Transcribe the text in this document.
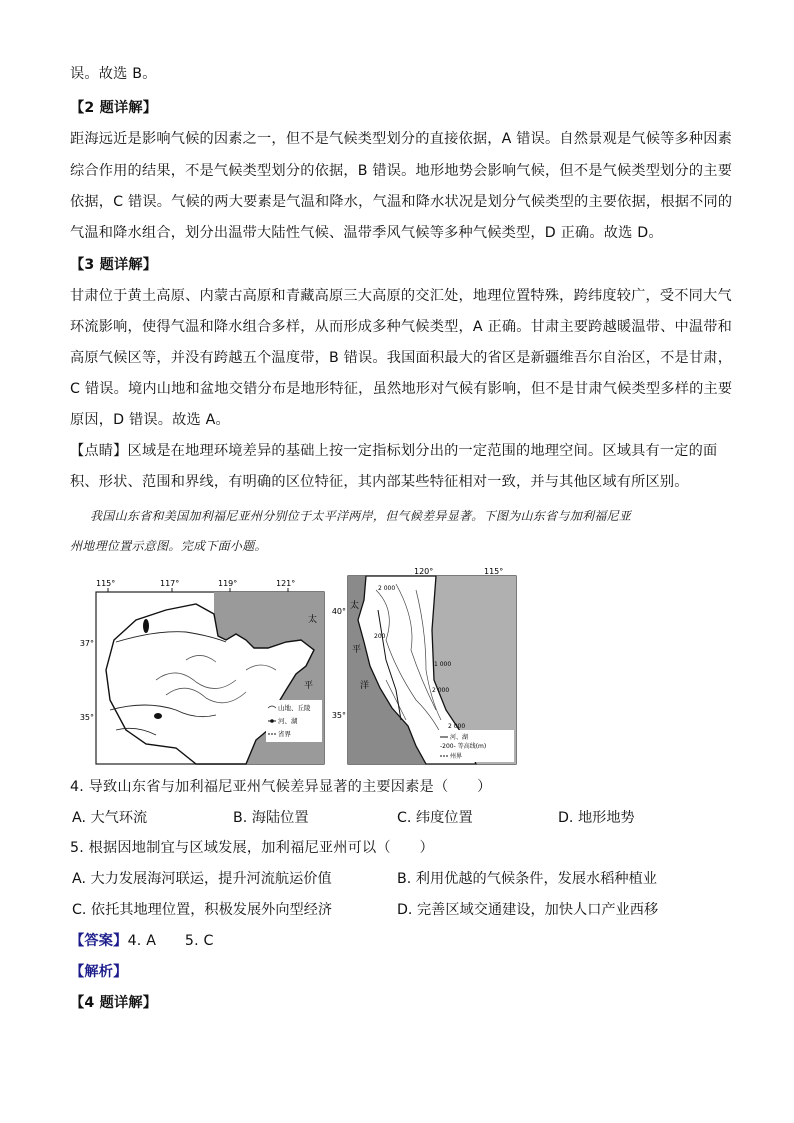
误。故选 B。
【2 题详解】
距海远近是影响气候的因素之一，但不是气候类型划分的直接依据，A 错误。自然景观是气候等多种因素
综合作用的结果，不是气候类型划分的依据，B 错误。地形地势会影响气候，但不是气候类型划分的主要
依据，C 错误。气候的两大要素是气温和降水，气温和降水状况是划分气候类型的主要依据，根据不同的
气温和降水组合，划分出温带大陆性气候、温带季风气候等多种气候类型，D 正确。故选 D。
【3 题详解】
甘肃位于黄土高原、内蒙古高原和青藏高原三大高原的交汇处，地理位置特殊，跨纬度较广，受不同大气
环流影响，使得气温和降水组合多样，从而形成多种气候类型，A 正确。甘肃主要跨越暖温带、中温带和
高原气候区等，并没有跨越五个温度带，B 错误。我国面积最大的省区是新疆维吾尔自治区，不是甘肃，
C 错误。境内山地和盆地交错分布是地形特征，虽然地形对气候有影响，但不是甘肃气候类型多样的主要
原因，D 错误。故选 A。
【点睛】区域是在地理环境差异的基础上按一定指标划分出的一定范围的地理空间。区域具有一定的面
积、形状、范围和界线，有明确的区位特征，其内部某些特征相对一致，并与其他区域有所区别。
我国山东省和美国加利福尼亚州分别位于太平洋两岸，但气候差异显著。下图为山东省与加利福尼亚
州地理位置示意图。完成下面小题。
115°	117°	119°	121°
37°
35°
太
平
山地、丘陵
河、湖
省界
2 000
200
1 000
2 000
2 000
120°	115°
40°
35°
太
平
洋
河、湖
-200- 等高线(m)
州界
4. 导致山东省与加利福尼亚州气候差异显著的主要因素是（　　）
A. 大气环流	B. 海陆位置	C. 纬度位置	D. 地形地势
5. 根据因地制宜与区域发展，加利福尼亚州可以（　　）
A. 大力发展海河联运，提升河流航运价值	B. 利用优越的气候条件，发展水稻种植业
C. 依托其地理位置，积极发展外向型经济	D. 完善区域交通建设，加快人口产业西移
【答案】4. A　　5. C
【解析】
【4 题详解】
